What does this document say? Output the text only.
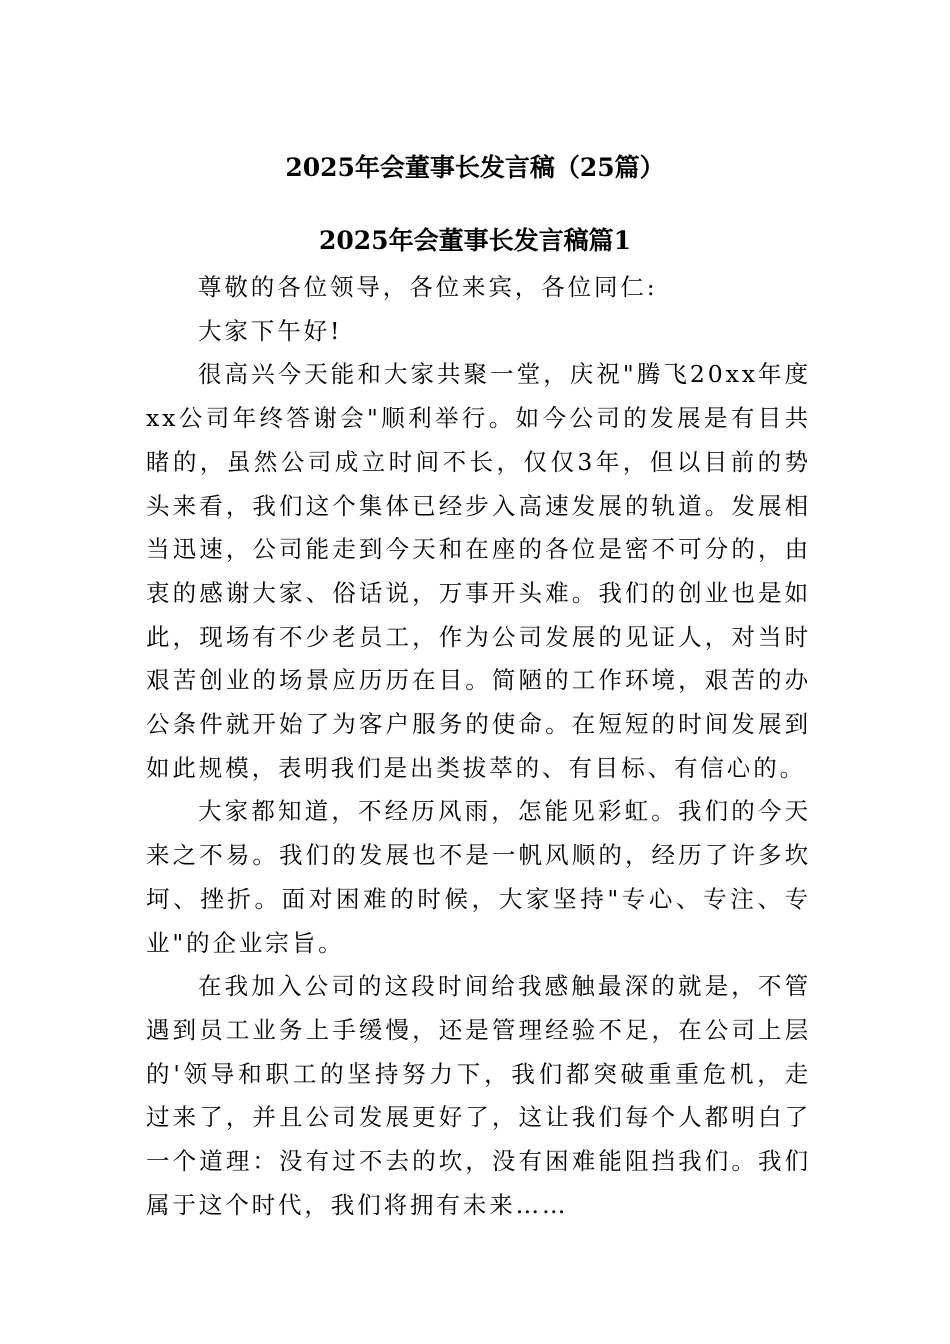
2025年会董事长发言稿（25篇）
2025年会董事长发言稿篇1

尊敬的各位领导，各位来宾，各位同仁:

大家下午好!

很高兴今天能和大家共聚一堂，庆祝"腾飞20xx年度xx公司年终答谢会"顺利举行。如今公司的发展是有目共睹的，虽然公司成立时间不长，仅仅3年，但以目前的势头来看，我们这个集体已经步入高速发展的轨道。发展相当迅速，公司能走到今天和在座的各位是密不可分的，由衷的感谢大家、俗话说，万事开头难。我们的创业也是如此，现场有不少老员工，作为公司发展的见证人，对当时艰苦创业的场景应历历在目。简陋的工作环境，艰苦的办公条件就开始了为客户服务的使命。在短短的时间发展到如此规模，表明我们是出类拔萃的、有目标、有信心的。

大家都知道，不经历风雨，怎能见彩虹。我们的今天来之不易。我们的发展也不是一帆风顺的，经历了许多坎坷、挫折。面对困难的时候，大家坚持"专心、专注、专业"的企业宗旨。

在我加入公司的这段时间给我感触最深的就是，不管遇到员工业务上手缓慢，还是管理经验不足，在公司上层的'领导和职工的坚持努力下，我们都突破重重危机，走过来了，并且公司发展更好了，这让我们每个人都明白了一个道理：没有过不去的坎，没有困难能阻挡我们。我们属于这个时代，我们将拥有未来……
